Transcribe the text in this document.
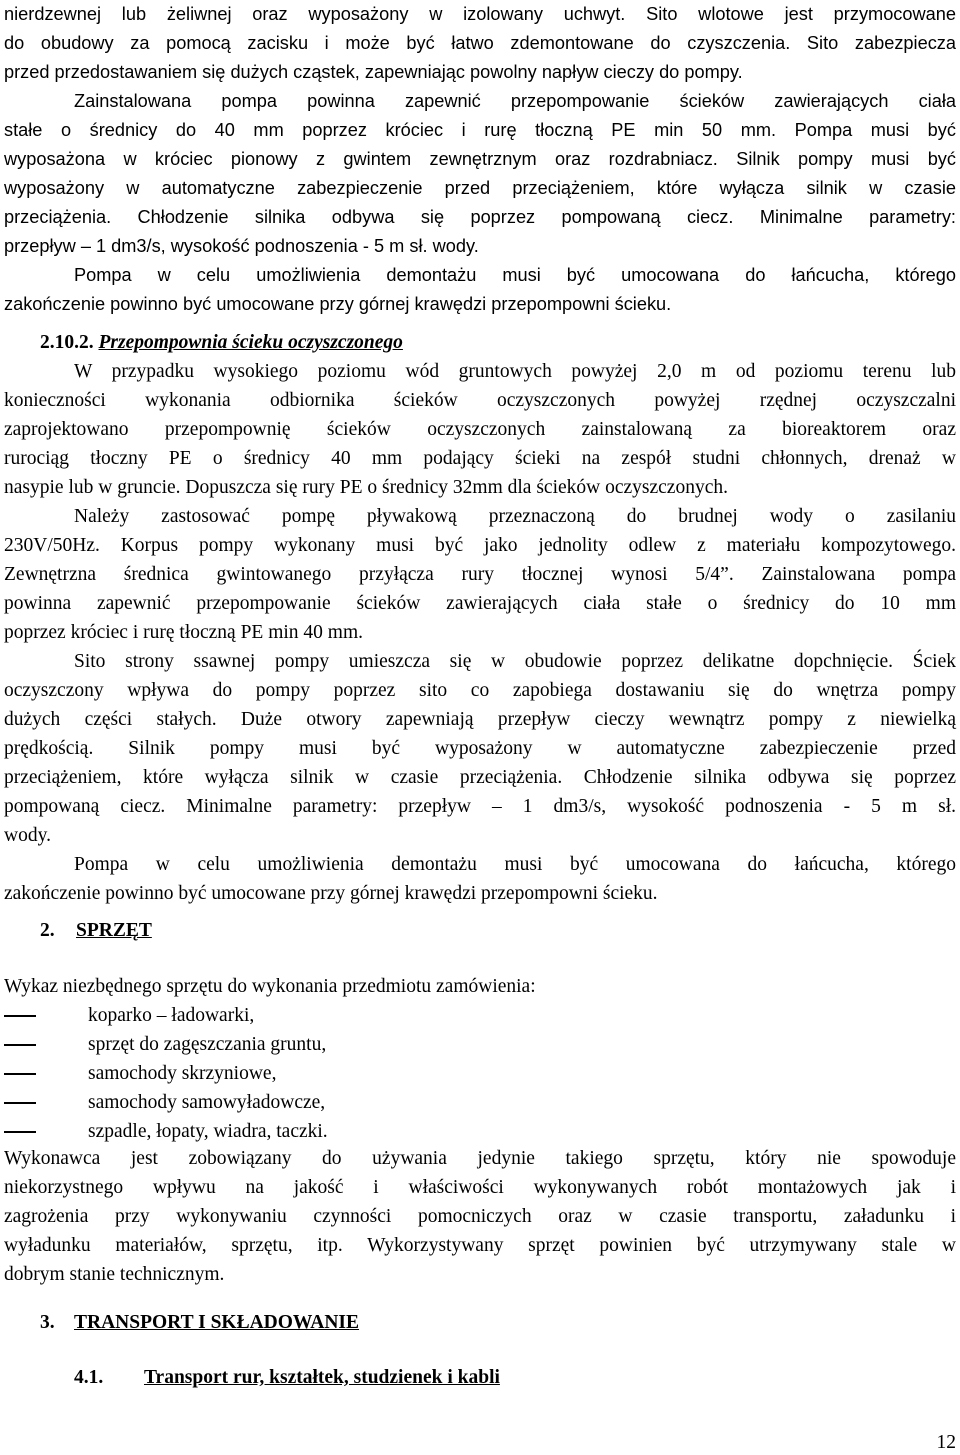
nierdzewnej lub żeliwnej oraz wyposażony w izolowany uchwyt. Sito wlotowe jest przymocowane
do obudowy za pomocą zacisku i może być łatwo zdemontowane do czyszczenia. Sito zabezpiecza
przed przedostawaniem się dużych cząstek, zapewniając powolny napływ cieczy do pompy.
Zainstalowana pompa powinna zapewnić przepompowanie ścieków zawierających ciała
stałe o średnicy do 40 mm poprzez króciec i rurę tłoczną PE min 50 mm. Pompa musi być
wyposażona w króciec pionowy z gwintem zewnętrznym oraz rozdrabniacz. Silnik pompy musi być
wyposażony w automatyczne zabezpieczenie przed przeciążeniem, które wyłącza silnik w czasie
przeciążenia. Chłodzenie silnika odbywa się poprzez pompowaną ciecz. Minimalne parametry:
przepływ – 1 dm3/s, wysokość podnoszenia - 5 m sł. wody.
Pompa w celu umożliwienia demontażu musi być umocowana do łańcucha, którego
zakończenie powinno być umocowane przy górnej krawędzi przepompowni ścieku.
2.10.2. Przepompownia ścieku oczyszczonego
W przypadku wysokiego poziomu wód gruntowych powyżej 2,0 m od poziomu terenu lub
konieczności wykonania odbiornika ścieków oczyszczonych powyżej rzędnej oczyszczalni
zaprojektowano przepompownię ścieków oczyszczonych zainstalowaną za bioreaktorem oraz
rurociąg tłoczny PE o średnicy 40 mm podający ścieki na zespół studni chłonnych, drenaż w
nasypie lub w gruncie. Dopuszcza się rury PE o średnicy 32mm dla ścieków oczyszczonych.
Należy zastosować pompę pływakową przeznaczoną do brudnej wody o zasilaniu
230V/50Hz. Korpus pompy wykonany musi być jako jednolity odlew z materiału kompozytowego.
Zewnętrzna średnica gwintowanego przyłącza rury tłocznej wynosi 5/4”. Zainstalowana pompa
powinna zapewnić przepompowanie ścieków zawierających ciała stałe o średnicy do 10 mm
poprzez króciec i rurę tłoczną PE min 40 mm.
Sito strony ssawnej pompy umieszcza się w obudowie poprzez delikatne dopchnięcie. Ściek
oczyszczony wpływa do pompy poprzez sito co zapobiega dostawaniu się do wnętrza pompy
dużych części stałych. Duże otwory zapewniają przepływ cieczy wewnątrz pompy z niewielką
prędkością. Silnik pompy musi być wyposażony w automatyczne zabezpieczenie przed
przeciążeniem, które wyłącza silnik w czasie przeciążenia. Chłodzenie silnika odbywa się poprzez
pompowaną ciecz. Minimalne parametry: przepływ – 1 dm3/s, wysokość podnoszenia - 5 m sł.
wody.
Pompa w celu umożliwienia demontażu musi być umocowana do łańcucha, którego
zakończenie powinno być umocowane przy górnej krawędzi przepompowni ścieku.
2. SPRZĘT
Wykaz niezbędnego sprzętu do wykonania przedmiotu zamówienia:
koparko – ładowarki,
sprzęt do zagęszczania gruntu,
samochody skrzyniowe,
samochody samowyładowcze,
szpadle, łopaty, wiadra, taczki.
Wykonawca jest zobowiązany do używania jedynie takiego sprzętu, który nie spowoduje
niekorzystnego wpływu na jakość i właściwości wykonywanych robót montażowych jak i
zagrożenia przy wykonywaniu czynności pomocniczych oraz w czasie transportu, załadunku i
wyładunku materiałów, sprzętu, itp. Wykorzystywany sprzęt powinien być utrzymywany stale w
dobrym stanie technicznym.
3. TRANSPORT I SKŁADOWANIE
4.1. Transport rur, kształtek, studzienek i kabli
12
